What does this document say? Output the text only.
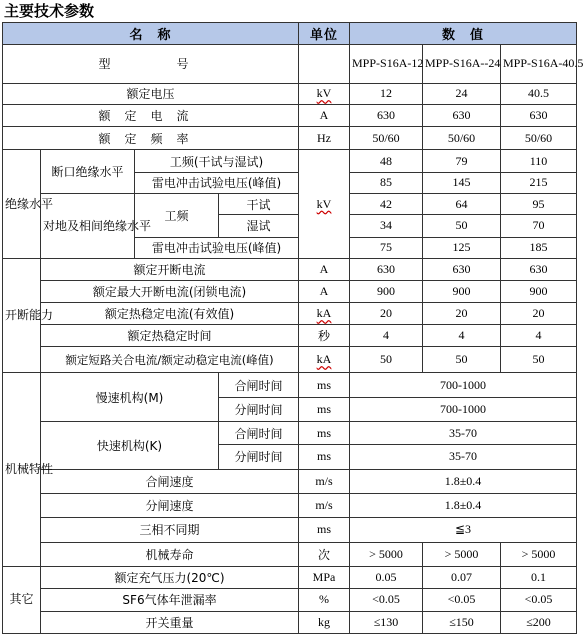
主要技术参数
名　称				单位	数　值		
型　　号					MPP-S16A-12	MPP-S16A--24	MPP-S16A-40.5
额定电压				kV	12	24	40.5
额定电流				A	630	630	630
额定频率				Hz	50/60	50/60	50/60
绝缘水平	断口绝缘水平	工频(干试与湿试)		kV	48	79	110
		雷电冲击试验电压(峰值)			85	145	215
	对地及相间绝缘水平	工频	干试		42	64	95
			湿试		34	50	70
		雷电冲击试验电压(峰值)			75	125	185
开断能力	额定开断电流			A	630	630	630
	额定最大开断电流(闭锁电流)			A	900	900	900
	额定热稳定电流(有效值)			kA	20	20	20
	额定热稳定时间			秒	4	4	4
	额定短路关合电流/额定动稳定电流(峰值)			kA	50	50	50
机械特性	慢速机构(M)		合闸时间	ms	700-1000		
			分闸时间	ms	700-1000		
	快速机构(K)		合闸时间	ms	35-70		
			分闸时间	ms	35-70		
	合闸速度			m/s	1.8±0.4		
	分闸速度			m/s	1.8±0.4		
	三相不同期			ms	≦3		
	机械寿命			次	> 5000	> 5000	> 5000
其它	额定充气压力(20℃)			MPa	0.05	0.07	0.1
	SF6气体年泄漏率			%	<0.05	<0.05	<0.05
	开关重量			kg	≤130	≤150	≤200
